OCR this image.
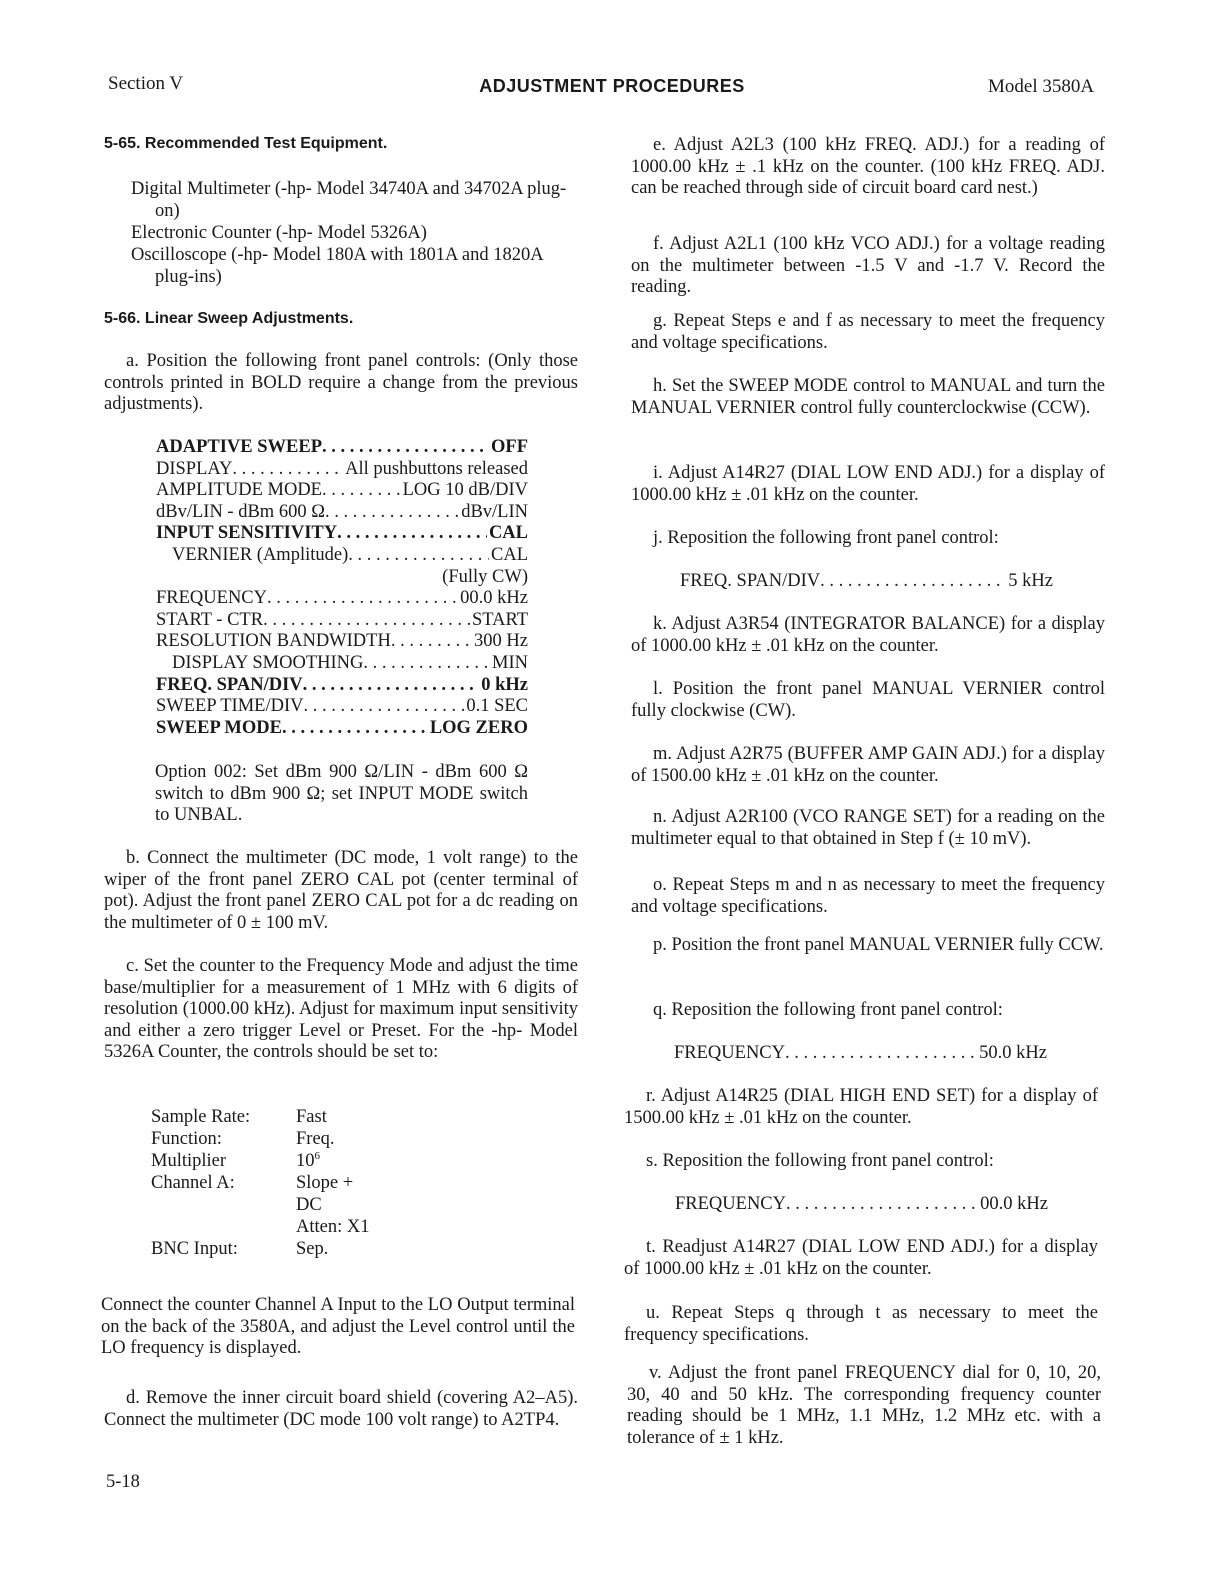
Section V	ADJUSTMENT PROCEDURES	Model 3580A
5-65. Recommended Test Equipment.
Digital Multimeter (-hp- Model 34740A and 34702A plug-on)
Electronic Counter (-hp- Model 5326A)
Oscilloscope (-hp- Model 180A with 1801A and 1820A plug-ins)
5-66. Linear Sweep Adjustments.
a. Position the following front panel controls: (Only those controls printed in BOLD require a change from the previous adjustments).
ADAPTIVE SWEEP . . .	OFF
DISPLAY . . .	All pushbuttons released
AMPLITUDE MODE . . .	LOG 10 dB/DIV
dBv/LIN - dBm 600 Ω . . .	dBv/LIN
INPUT SENSITIVITY . . .	CAL
VERNIER (Amplitude) . . .	CAL
(Fully CW)
FREQUENCY . . .	00.0 kHz
START - CTR . . .	START
RESOLUTION BANDWIDTH . . .	300 Hz
DISPLAY SMOOTHING . . .	MIN
FREQ. SPAN/DIV . . .	0 kHz
SWEEP TIME/DIV . . .	0.1 SEC
SWEEP MODE . . .	LOG ZERO
Option 002: Set dBm 900 Ω/LIN - dBm 600 Ω switch to dBm 900 Ω; set INPUT MODE switch to UNBAL.
b. Connect the multimeter (DC mode, 1 volt range) to the wiper of the front panel ZERO CAL pot (center terminal of pot). Adjust the front panel ZERO CAL pot for a dc reading on the multimeter of 0 ± 100 mV.
c. Set the counter to the Frequency Mode and adjust the time base/multiplier for a measurement of 1 MHz with 6 digits of resolution (1000.00 kHz). Adjust for maximum input sensitivity and either a zero trigger Level or Preset. For the -hp- Model 5326A Counter, the controls should be set to:
Sample Rate:	Fast
Function:	Freq.
Multiplier	$10^6$
Channel A:	Slope +
	DC
	Atten: X1
BNC Input:	Sep.
Connect the counter Channel A Input to the LO Output terminal on the back of the 3580A, and adjust the Level control until the LO frequency is displayed.
d. Remove the inner circuit board shield (covering A2–A5). Connect the multimeter (DC mode 100 volt range) to A2TP4.
5-18
e. Adjust A2L3 (100 kHz FREQ. ADJ.) for a reading of 1000.00 kHz ± .1 kHz on the counter. (100 kHz FREQ. ADJ. can be reached through side of circuit board card nest.)
f. Adjust A2L1 (100 kHz VCO ADJ.) for a voltage reading on the multimeter between -1.5 V and -1.7 V. Record the reading.
g. Repeat Steps e and f as necessary to meet the frequency and voltage specifications.
h. Set the SWEEP MODE control to MANUAL and turn the MANUAL VERNIER control fully counterclockwise (CCW).
i. Adjust A14R27 (DIAL LOW END ADJ.) for a display of 1000.00 kHz ± .01 kHz on the counter.
j. Reposition the following front panel control:
FREQ. SPAN/DIV . . .	5 kHz
k. Adjust A3R54 (INTEGRATOR BALANCE) for a display of 1000.00 kHz ± .01 kHz on the counter.
l. Position the front panel MANUAL VERNIER control fully clockwise (CW).
m. Adjust A2R75 (BUFFER AMP GAIN ADJ.) for a display of 1500.00 kHz ± .01 kHz on the counter.
n. Adjust A2R100 (VCO RANGE SET) for a reading on the multimeter equal to that obtained in Step f (± 10 mV).
o. Repeat Steps m and n as necessary to meet the frequency and voltage specifications.
p. Position the front panel MANUAL VERNIER fully CCW.
q. Reposition the following front panel control:
FREQUENCY . . .	50.0 kHz
r. Adjust A14R25 (DIAL HIGH END SET) for a display of 1500.00 kHz ± .01 kHz on the counter.
s. Reposition the following front panel control:
FREQUENCY . . .	00.0 kHz
t. Readjust A14R27 (DIAL LOW END ADJ.) for a display of 1000.00 kHz ± .01 kHz on the counter.
u. Repeat Steps q through t as necessary to meet the frequency specifications.
v. Adjust the front panel FREQUENCY dial for 0, 10, 20, 30, 40 and 50 kHz. The corresponding frequency counter reading should be 1 MHz, 1.1 MHz, 1.2 MHz etc. with a tolerance of ± 1 kHz.
